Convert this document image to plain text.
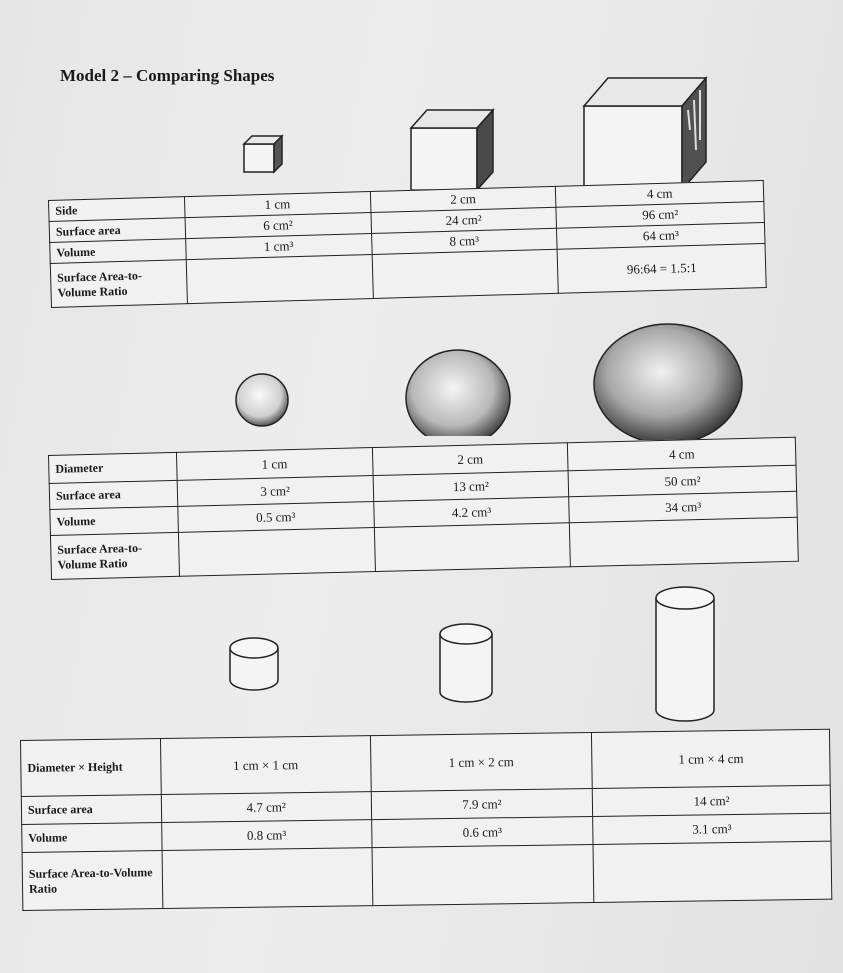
Model 2 – Comparing Shapes
Side	1 cm	2 cm	4 cm
Surface area	6 cm²	24 cm²	96 cm²
Volume	1 cm³	8 cm³	64 cm³
Surface Area-to-Volume Ratio			96:64 = 1.5:1
Diameter	1 cm	2 cm	4 cm
Surface area	3 cm²	13 cm²	50 cm²
Volume	0.5 cm³	4.2 cm³	34 cm³
Surface Area-to-Volume Ratio			
Diameter × Height	1 cm × 1 cm	1 cm × 2 cm	1 cm × 4 cm
Surface area	4.7 cm²	7.9 cm²	14 cm²
Volume	0.8 cm³	0.6 cm³	3.1 cm³
Surface Area-to-Volume Ratio			
